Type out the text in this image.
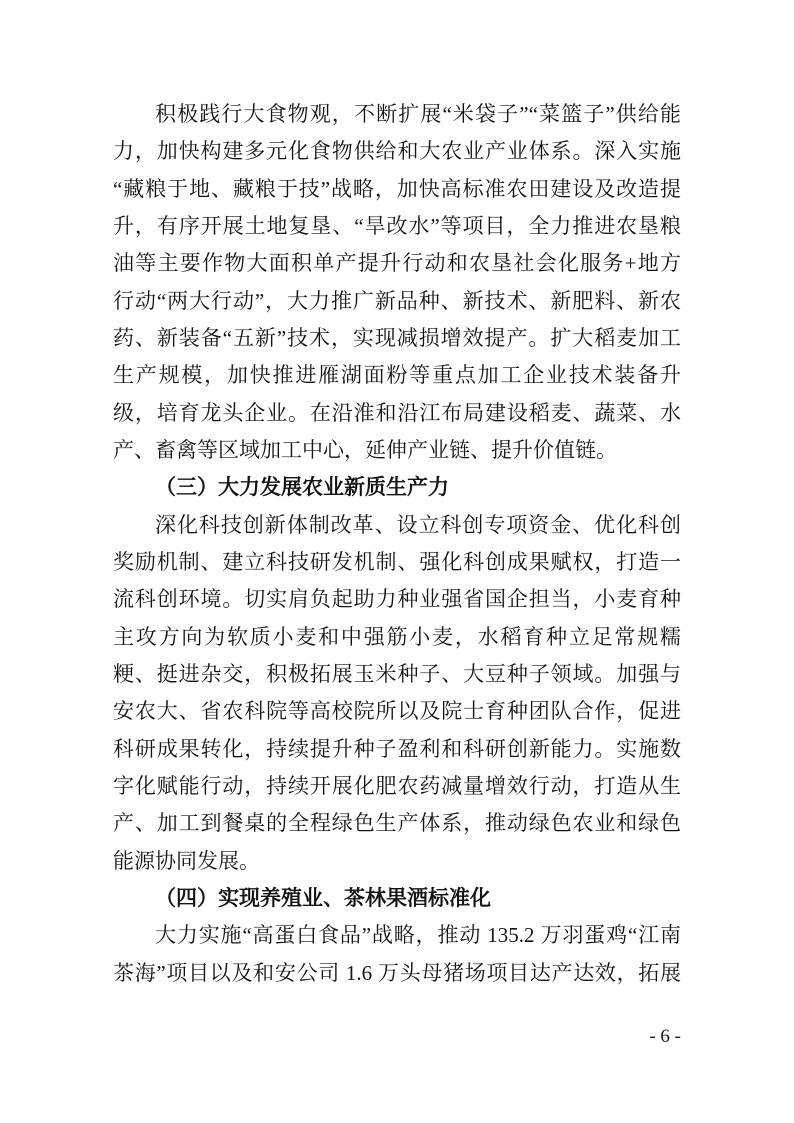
积极践行大食物观，不断扩展“米袋子”“菜篮子”供给能
力，加快构建多元化食物供给和大农业产业体系。深入实施
“藏粮于地、藏粮于技”战略，加快高标准农田建设及改造提
升，有序开展土地复垦、“旱改水”等项目，全力推进农垦粮
油等主要作物大面积单产提升行动和农垦社会化服务+地方
行动“两大行动”，大力推广新品种、新技术、新肥料、新农
药、新装备“五新”技术，实现减损增效提产。扩大稻麦加工
生产规模，加快推进雁湖面粉等重点加工企业技术装备升
级，培育龙头企业。在沿淮和沿江布局建设稻麦、蔬菜、水
产、畜禽等区域加工中心，延伸产业链、提升价值链。
（三）大力发展农业新质生产力
深化科技创新体制改革、设立科创专项资金、优化科创
奖励机制、建立科技研发机制、强化科创成果赋权，打造一
流科创环境。切实肩负起助力种业强省国企担当，小麦育种
主攻方向为软质小麦和中强筋小麦，水稻育种立足常规糯
粳、挺进杂交，积极拓展玉米种子、大豆种子领域。加强与
安农大、省农科院等高校院所以及院士育种团队合作，促进
科研成果转化，持续提升种子盈利和科研创新能力。实施数
字化赋能行动，持续开展化肥农药减量增效行动，打造从生
产、加工到餐桌的全程绿色生产体系，推动绿色农业和绿色
能源协同发展。
（四）实现养殖业、茶林果酒标准化
大力实施“高蛋白食品”战略，推动 135.2 万羽蛋鸡“江南
茶海”项目以及和安公司 1.6 万头母猪场项目达产达效，拓展
- 6 -
